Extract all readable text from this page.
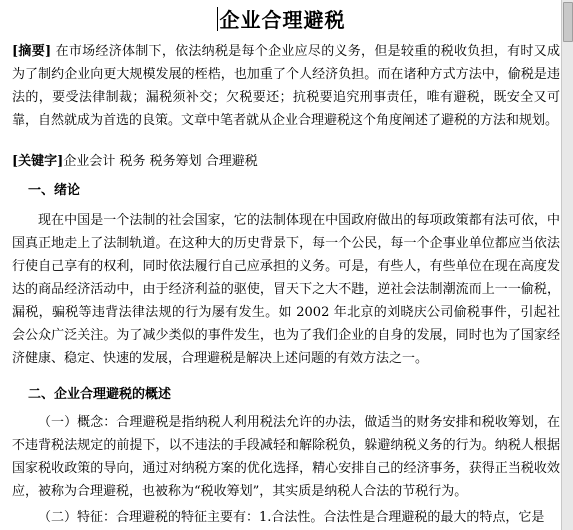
企业合理避税

[摘要] 在市场经济体制下，依法纳税是每个企业应尽的义务，但是较重的税收负担，有时又成为了制约企业向更大规模发展的桎梏，也加重了个人经济负担。而在诸种方式方法中，偷税是违法的，要受法律制裁；漏税须补交；欠税要还；抗税要追究刑事责任，唯有避税，既安全又可靠，自然就成为首选的良策。文章中笔者就从企业合理避税这个角度阐述了避税的方法和规划。

[关键字]企业会计 税务 税务筹划 合理避税

一、绪论

现在中国是一个法制的社会国家，它的法制体现在中国政府做出的每项政策都有法可依，中国真正地走上了法制轨道。在这种大的历史背景下，每一个公民，每一个企事业单位都应当依法行使自己享有的权利，同时依法履行自己应承担的义务。可是，有些人，有些单位在现在高度发达的商品经济活动中，由于经济利益的驱使，冒天下之大不韪，逆社会法制潮流而上一一偷税，漏税，骗税等违背法律法规的行为屡有发生。如 2002 年北京的刘晓庆公司偷税事件，引起社会公众广泛关注。为了减少类似的事件发生，也为了我们企业的自身的发展，同时也为了国家经济健康、稳定、快速的发展，合理避税是解决上述问题的有效方法之一。

二、企业合理避税的概述

（一）概念：合理避税是指纳税人利用税法允许的办法，做适当的财务安排和税收筹划，在不违背税法规定的前提下，以不违法的手段减轻和解除税负，躲避纳税义务的行为。纳税人根据国家税收政策的导向，通过对纳税方案的优化选择，精心安排自己的经济事务，获得正当税收效应，被称为合理避税，也被称为“税收筹划”，其实质是纳税人合法的节税行为。

（二）特征：合理避税的特征主要有：1.合法性。合法性是合理避税的最大的特点，它是
